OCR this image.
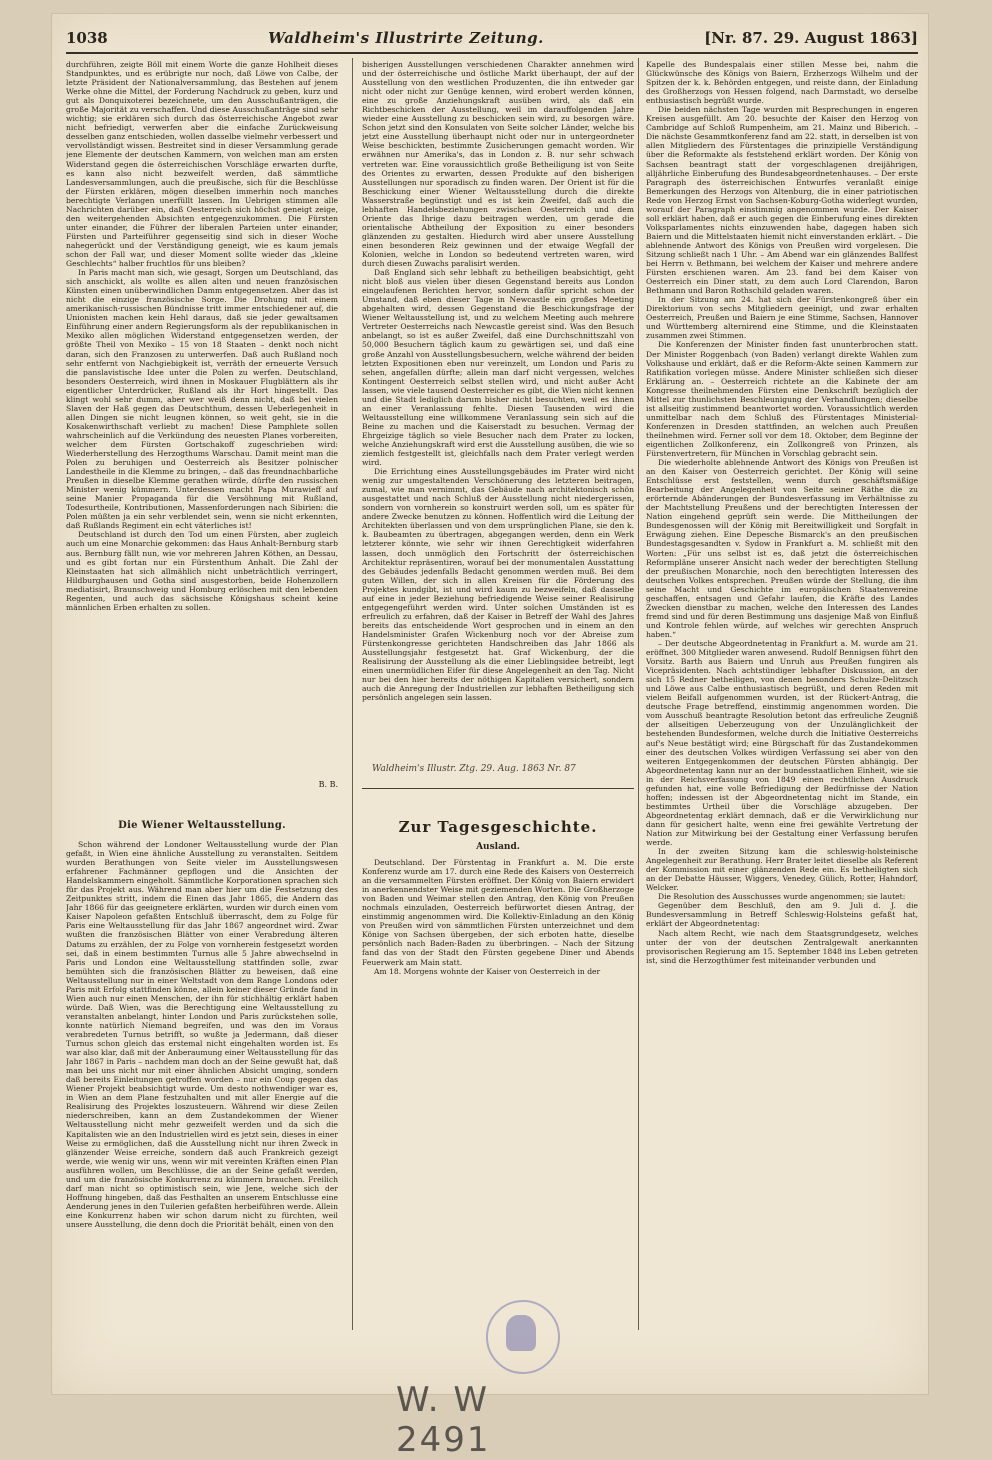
1038	Waldheim's Illustrirte Zeitung.	[Nr. 87. 29. August 1863]

durchführen, zeigte Böll mit einem Worte die ganze Hohlheit dieses Standpunktes, und es erübrigte nur noch, daß Löwe von Calbe, der letzte Präsident der Nationalversammlung, das Bestehen auf jenem Werke ohne die Mittel, der Forderung Nachdruck zu geben, kurz und gut als Donquixoterei bezeichnete, um den Ausschußanträgen, die große Majorität zu verschaffen. Und diese Ausschußanträge sind sehr wichtig; sie erklären sich durch das österreichische Angebot zwar nicht befriedigt, verwerfen aber die einfache Zurückweisung desselben ganz entschieden, wollen dasselbe vielmehr verbessert und vervollständigt wissen. Bestreitet sind in dieser Versammlung gerade jene Elemente der deutschen Kammern, von welchen man am ersten Widerstand gegen die österreichischen Vorschläge erwarten durfte, es kann also nicht bezweifelt werden, daß sämmtliche Landesversammlungen, auch die preußische, sich für die Beschlüsse der Fürsten erklären, mögen dieselben immerhin noch manches berechtigte Verlangen unerfüllt lassen. Im Uebrigen stimmen alle Nachrichten darüber ein, daß Oesterreich sich höchst geneigt zeige, den weitergehenden Absichten entgegenzukommen. Die Fürsten unter einander, die Führer der liberalen Parteien unter einander, Fürsten und Parteiführer gegenseitig sind sich in dieser Woche nahegerückt und der Verständigung geneigt, wie es kaum jemals schon der Fall war, und dieser Moment sollte wieder das „kleine Geschlechts“ halber fruchtlos für uns bleiben?

In Paris macht man sich, wie gesagt, Sorgen um Deutschland, das sich anschickt, als wollte es allen alten und neuen französischen Künsten einen unüberwindlichen Damm entgegensetzen. Aber das ist nicht die einzige französische Sorge. Die Drohung mit einem amerikanisch-russischen Bündnisse tritt immer entschiedener auf, die Unionisten machen kein Hehl daraus, daß sie jeder gewaltsamen Einführung einer andern Regierungsform als der republikanischen in Mexiko allen möglichen Widerstand entgegensetzen werden, der größte Theil von Mexiko – 15 von 18 Staaten – denkt noch nicht daran, sich den Franzosen zu unterwerfen. Daß auch Rußland noch sehr entfernt von Nachgiebigkeit ist, verräth der erneuerte Versuch die panslavistische Idee unter die Polen zu werfen. Deutschland, besonders Oesterreich, wird ihnen in Moskauer Flugblättern als ihr eigentlicher Unterdrücker, Rußland als ihr Hort hingestellt. Das klingt wohl sehr dumm, aber wer weiß denn nicht, daß bei vielen Slaven der Haß gegen das Deutschthum, dessen Ueberlegenheit in allen Dingen sie nicht leugnen können, so weit geht, sie in die Kosakenwirthschaft verliebt zu machen! Diese Pamphlete sollen wahrscheinlich auf die Verkündung des neuesten Planes vorbereiten, welcher dem Fürsten Gortschakoff zugeschrieben wird: Wiederherstellung des Herzogthums Warschau. Damit meint man die Polen zu beruhigen und Oesterreich als Besitzer polnischer Landestheile in die Klemme zu bringen, – daß das freundnachbarliche Preußen in dieselbe Klemme gerathen würde, dürfte den russischen Minister wenig kümmern. Unterdessen macht Papa Murawieff auf seine Manier Propaganda für die Versöhnung mit Rußland, Todesurtheile, Kontributionen, Massenforderungen nach Sibirien: die Polen müßten ja ein sehr verblendet sein, wenn sie nicht erkennten, daß Rußlands Regiment ein echt väterliches ist!

Deutschland ist durch den Tod um einen Fürsten, aber zugleich auch um eine Monarchie gekommen: das Haus Anhalt-Bernburg starb aus. Bernburg fällt nun, wie vor mehreren Jahren Köthen, an Dessau, und es gibt fortan nur ein Fürstenthum Anhalt. Die Zahl der Kleinstaaten hat sich allmählich nicht unbeträchtlich verringert, Hildburghausen und Gotha sind ausgestorben, beide Hohenzollern mediatisirt, Braunschweig und Homburg erlöschen mit den lebenden Regenten, und auch das sächsische Königshaus scheint keine männlichen Erben erhalten zu sollen.

B. B.
Die Wiener Weltausstellung.

Schon während der Londoner Weltausstellung wurde der Plan gefaßt, in Wien eine ähnliche Ausstellung zu veranstalten. Seitdem wurden Berathungen von Seite vieler im Ausstellungswesen erfahrener Fachmänner gepflogen und die Ansichten der Handelskammern eingeholt. Sämmtliche Korporationen sprachen sich für das Projekt aus. Während man aber hier um die Festsetzung des Zeitpunktes stritt, indem die Einen das Jahr 1865, die Andern das Jahr 1866 für das geeignetere erklärten, wurden wir durch einen vom Kaiser Napoleon gefaßten Entschluß überrascht, dem zu Folge für Paris eine Weltausstellung für das Jahr 1867 angeordnet wird. Zwar wußten die französischen Blätter von einer Verabredung älteren Datums zu erzählen, der zu Folge von vornherein festgesetzt worden sei, daß in einem bestimmten Turnus alle 5 Jahre abwechselnd in Paris und London eine Weltausstellung stattfinden solle, zwar bemühten sich die französischen Blätter zu beweisen, daß eine Weltausstellung nur in einer Weltstadt von dem Range Londons oder Paris mit Erfolg stattfinden könne, allein keiner dieser Gründe fand in Wien auch nur einen Menschen, der ihn für stichhältig erklärt haben würde. Daß Wien, was die Berechtigung eine Weltausstellung zu veranstalten anbelangt, hinter London und Paris zurückstehen solle, konnte natürlich Niemand begreifen, und was den im Voraus verabredeten Turnus betrifft, so wußte ja Jedermann, daß dieser Turnus schon gleich das erstemal nicht eingehalten worden ist. Es war also klar, daß mit der Anberaumung einer Weltausstellung für das Jahr 1867 in Paris – nachdem man doch an der Seine gewußt hat, daß man bei uns nicht nur mit einer ähnlichen Absicht umging, sondern daß bereits Einleitungen getroffen worden – nur ein Coup gegen das Wiener Projekt beabsichtigt wurde. Um desto nothwendiger war es, in Wien an dem Plane festzuhalten und mit aller Energie auf die Realisirung des Projektes loszusteuern. Während wir diese Zeilen niederschreiben, kann an dem Zustandekommen der Wiener Weltausstellung nicht mehr gezweifelt werden und da sich die Kapitalisten wie an den Industriellen wird es jetzt sein, dieses in einer Weise zu ermöglichen, daß die Ausstellung nicht nur ihren Zweck in glänzender Weise erreiche, sondern daß auch Frankreich gezeigt werde, wie wenig wir uns, wenn wir mit vereinten Kräften einen Plan ausführen wollen, um Beschlüsse, die an der Seine gefaßt werden, und um die französische Konkurrenz zu kümmern brauchen. Freilich darf man nicht so optimistisch sein, wie Jene, welche sich der Hoffnung hingeben, daß das Festhalten an unserem Entschlusse eine Aenderung jenes in den Tuilerien gefaßten herbeiführen werde. Allein eine Konkurrenz haben wir schon darum nicht zu fürchten, weil unsere Ausstellung, die denn doch die Priorität behält, einen von den

bisherigen Ausstellungen verschiedenen Charakter annehmen wird und der österreichische und östliche Markt überhaupt, der auf der Ausstellung von den westlichen Produzenten, die ihn entweder gar nicht oder nicht zur Genüge kennen, wird erobert werden können, eine zu große Anziehungskraft ausüben wird, als daß ein Richtbeschicken der Ausstellung, weil im darauffolgenden Jahre wieder eine Ausstellung zu beschicken sein wird, zu besorgen wäre. Schon jetzt sind den Konsulaten von Seite solcher Länder, welche bis jetzt eine Ausstellung überhaupt nicht oder nur in untergeordneter Weise beschickten, bestimmte Zusicherungen gemacht worden. Wir erwähnen nur Amerika's, das in London z. B. nur sehr schwach vertreten war. Eine voraussichtlich große Betheiligung ist von Seite des Orientes zu erwarten, dessen Produkte auf den bisherigen Ausstellungen nur sporadisch zu finden waren. Der Orient ist für die Beschickung einer Wiener Weltausstellung durch die direkte Wasserstraße begünstigt und es ist kein Zweifel, daß auch die lebhaften Handelsbeziehungen zwischen Oesterreich und dem Oriente das Ihrige dazu beitragen werden, um gerade die orientalische Abtheilung der Exposition zu einer besonders glänzenden zu gestalten. Hiedurch wird aber unsere Ausstellung einen besonderen Reiz gewinnen und der etwaige Wegfall der Kolonien, welche in London so bedeutend vertreten waren, wird durch diesen Zuwachs paralisirt werden.

Daß England sich sehr lebhaft zu betheiligen beabsichtigt, geht nicht bloß aus vielen über diesen Gegenstand bereits aus London eingelaufenen Berichten hervor, sondern dafür spricht schon der Umstand, daß eben dieser Tage in Newcastle ein großes Meeting abgehalten wird, dessen Gegenstand die Beschickungsfrage der Wiener Weltausstellung ist, und zu welchem Meeting auch mehrere Vertreter Oesterreichs nach Newcastle gereist sind. Was den Besuch anbelangt, so ist es außer Zweifel, daß eine Durchschnittszahl von 50,000 Besuchern täglich kaum zu gewärtigen sei, und daß eine große Anzahl von Ausstellungsbesuchern, welche während der beiden letzten Expositionen eben nur vereinzelt, um London und Paris zu sehen, angefallen dürfte; allein man darf nicht vergessen, welches Kontingent Oesterreich selbst stellen wird, und nicht außer Acht lassen, wie viele tausend Oesterreicher es gibt, die Wien nicht kennen und die Stadt lediglich darum bisher nicht besuchten, weil es ihnen an einer Veranlassung fehlte. Diesen Tausenden wird die Weltausstellung eine willkommene Veranlassung sein sich auf die Beine zu machen und die Kaiserstadt zu besuchen. Vermag der Ehrgeizige täglich so viele Besucher nach dem Prater zu locken, welche Anziehungskraft wird erst die Ausstellung ausüben, die wie so ziemlich festgestellt ist, gleichfalls nach dem Prater verlegt werden wird.

Die Errichtung eines Ausstellungsgebäudes im Prater wird nicht wenig zur umgestaltenden Verschönerung des letzteren beitragen, zumal, wie man vernimmt, das Gebäude nach architektonisch schön ausgestattet und nach Schluß der Ausstellung nicht niedergerissen, sondern von vornherein so konstruirt werden soll, um es später für andere Zwecke benutzen zu können. Hoffentlich wird die Leitung der Architekten überlassen und von dem ursprünglichen Plane, sie den k. k. Baubeamten zu übertragen, abgegangen werden, denn ein Werk letzterer könnte, wie sehr wir ihnen Gerechtigkeit widerfahren lassen, doch unmöglich den Fortschritt der österreichischen Architektur repräsentiren, worauf bei der monumentalen Ausstattung des Gebäudes jedenfalls Bedacht genommen werden muß. Bei dem guten Willen, der sich in allen Kreisen für die Förderung des Projektes kundgibt, ist und wird kaum zu bezweifeln, daß dasselbe auf eine in jeder Beziehung befriedigende Weise seiner Realisirung entgegengeführt werden wird. Unter solchen Umständen ist es erfreulich zu erfahren, daß der Kaiser in Betreff der Wahl des Jahres bereits das entscheidende Wort gesprochen und in einem an den Handelsminister Grafen Wickenburg noch vor der Abreise zum Fürstenkongresse gerichteten Handschreiben das Jahr 1866 als Ausstellungsjahr festgesetzt hat. Graf Wickenburg, der die Realisirung der Ausstellung als die einer Lieblingsidee betreibt, legt einen unermüdlichen Eifer für diese Angelegenheit an den Tag. Nicht nur bei den hier bereits der nöthigen Kapitalien versichert, sondern auch die Anregung der Industriellen zur lebhaften Betheiligung sich persönlich angelegen sein lassen.

Waldheim's Illustr. Ztg. 29. Aug. 1863 Nr. 87
Zur Tagesgeschichte.
Ausland.

Deutschland. Der Fürstentag in Frankfurt a. M. Die erste Konferenz wurde am 17. durch eine Rede des Kaisers von Oesterreich an die versammelten Fürsten eröffnet. Der König von Baiern erwidert in anerkennendster Weise mit geziemenden Worten. Die Großherzoge von Baden und Weimar stellen den Antrag, den König von Preußen nochmals einzuladen, Oesterreich befürwortet diesen Antrag, der einstimmig angenommen wird. Die Kollektiv-Einladung an den König von Preußen wird von sämmtlichen Fürsten unterzeichnet und dem Könige von Sachsen übergeben, der sich erboten hatte, dieselbe persönlich nach Baden-Baden zu überbringen. – Nach der Sitzung fand das von der Stadt den Fürsten gegebene Diner und Abends Feuerwerk am Main statt.

Am 18. Morgens wohnte der Kaiser von Oesterreich in der

Kapelle des Bundespalais einer stillen Messe bei, nahm die Glückwünsche des Königs von Baiern, Erzherzogs Wilhelm und der Spitzen der k. k. Behörden entgegen, und reiste dann, der Einladung des Großherzogs von Hessen folgend, nach Darmstadt, wo derselbe enthusiastisch begrüßt wurde.

Die beiden nächsten Tage wurden mit Besprechungen in engeren Kreisen ausgefüllt. Am 20. besuchte der Kaiser den Herzog von Cambridge auf Schloß Rumpenheim, am 21. Mainz und Biberich. – Die nächste Gesammtkonferenz fand am 22. statt, in derselben ist von allen Mitgliedern des Fürstentages die prinzipielle Verständigung über die Reformakte als feststehend erklärt worden. Der König von Sachsen beantragt statt der vorgeschlagenen dreijährigen, alljährliche Einberufung des Bundesabgeordnetenhauses. – Der erste Paragraph des österreichischen Entwurfes veranlaßt einige Bemerkungen des Herzogs von Altenburg, die in einer patriotischen Rede von Herzog Ernst von Sachsen-Koburg-Gotha widerlegt wurden, worauf der Paragraph einstimmig angenommen wurde. Der Kaiser soll erklärt haben, daß er auch gegen die Einberufung eines direkten Volksparlamentes nichts einzuwenden habe, dagegen haben sich Baiern und die Mittelstaaten hiemit nicht einverstanden erklärt. – Die ablehnende Antwort des Königs von Preußen wird vorgelesen. Die Sitzung schließt nach 1 Uhr. – Am Abend war ein glänzendes Ballfest bei Herrn v. Bethmann, bei welchem der Kaiser und mehrere andere Fürsten erschienen waren. Am 23. fand bei dem Kaiser von Oesterreich ein Diner statt, zu dem auch Lord Clarendon, Baron Bethmann und Baron Rothschild geladen waren.

In der Sitzung am 24. hat sich der Fürstenkongreß über ein Direktorium von sechs Mitgliedern geeinigt, und zwar erhalten Oesterreich, Preußen und Baiern je eine Stimme, Sachsen, Hannover und Württemberg alternirend eine Stimme, und die Kleinstaaten zusammen zwei Stimmen.

Die Konferenzen der Minister finden fast ununterbrochen statt. Der Minister Roggenbach (von Baden) verlangt direkte Wahlen zum Volkshause und erklärt, daß er die Reform-Akte seinen Kammern zur Ratifikation vorlegen müsse. Andere Minister schließen sich dieser Erklärung an. – Oesterreich richtete an die Kabinete der am Kongresse theilnehmenden Fürsten eine Denkschrift bezüglich der Mittel zur thunlichsten Beschleunigung der Verhandlungen; dieselbe ist allseitig zustimmend beantwortet worden. Voraussichtlich werden unmittelbar nach dem Schluß des Fürstentages Ministerial-Konferenzen in Dresden stattfinden, an welchen auch Preußen theilnehmen wird. Ferner soll vor dem 18. Oktober, dem Beginne der eigentlichen Zollkonferenz, ein Zollkongreß von Prinzen, als Fürstenvertretern, für München in Vorschlag gebracht sein.

Die wiederholte ablehnende Antwort des Königs von Preußen ist an den Kaiser von Oesterreich gerichtet. Der König will seine Entschlüsse erst feststellen, wenn durch geschäftsmäßige Bearbeitung der Angelegenheit von Seite seiner Räthe die zu erörternde Abänderungen der Bundesverfassung im Verhältnisse zu der Machtstellung Preußens und der berechtigten Interessen der Nation eingehend geprüft sein werde. Die Mittheilungen der Bundesgenossen will der König mit Bereitwilligkeit und Sorgfalt in Erwägung ziehen. Eine Depesche Bismarck's an den preußischen Bundestagsgesandten v. Sydow in Frankfurt a. M. schließt mit den Worten: „Für uns selbst ist es, daß jetzt die österreichischen Reformpläne unserer Ansicht nach weder der berechtigten Stellung der preußischen Monarchie, noch den berechtigten Interessen des deutschen Volkes entsprechen. Preußen würde der Stellung, die ihm seine Macht und Geschichte im europäischen Staatenvereine geschaffen, entsagen und Gefahr laufen, die Kräfte des Landes Zwecken dienstbar zu machen, welche den Interessen des Landes fremd sind und für deren Bestimmung uns dasjenige Maß von Einfluß und Kontrole fehlen würde, auf welches wir gerechten Anspruch haben.“

– Der deutsche Abgeordnetentag in Frankfurt a. M. wurde am 21. eröffnet. 300 Mitglieder waren anwesend. Rudolf Bennigsen führt den Vorsitz. Barth aus Baiern und Unruh aus Preußen fungiren als Vicepräsidenten. Nach achtstündiger lebhafter Diskussion, an der sich 15 Redner betheiligen, von denen besonders Schulze-Delitzsch und Löwe aus Calbe enthusiastisch begrüßt, und deren Reden mit vielem Beifall aufgenommen wurden, ist der Rückert-Antrag, die deutsche Frage betreffend, einstimmig angenommen worden. Die vom Ausschuß beantragte Resolution betont das erfreuliche Zeugniß der allseitigen Ueberzeugung von der Unzulänglichkeit der bestehenden Bundesformen, welche durch die Initiative Oesterreichs auf's Neue bestätigt wird; eine Bürgschaft für das Zustandekommen einer des deutschen Volkes würdigen Verfassung sei aber von den weiteren Entgegenkommen der deutschen Fürsten abhängig. Der Abgeordnetentag kann nur an der bundesstaatlichen Einheit, wie sie in der Reichsverfassung von 1849 einen rechtlichen Ausdruck gefunden hat, eine volle Befriedigung der Bedürfnisse der Nation hoffen; indessen ist der Abgeordnetentag nicht im Stande, ein bestimmtes Urtheil über die Vorschläge abzugeben. Der Abgeordnetentag erklärt demnach, daß er die Verwirklichung nur dann für gesichert halte, wenn eine frei gewählte Vertretung der Nation zur Mitwirkung bei der Gestaltung einer Verfassung berufen werde.

In der zweiten Sitzung kam die schleswig-holsteinische Angelegenheit zur Berathung. Herr Brater leitet dieselbe als Referent der Kommission mit einer glänzenden Rede ein. Es betheiligten sich an der Debatte Häusser, Wiggers, Venedey, Gülich, Rotter, Hahndorf, Welcker.

Die Resolution des Ausschusses wurde angenommen; sie lautet:

Gegenüber dem Beschluß, den am 9. Juli d. J. die Bundesversammlung in Betreff Schleswig-Holsteins gefaßt hat, erklärt der Abgeordnetentag:

Nach altem Recht, wie nach dem Staatsgrundgesetz, welches unter der von der deutschen Zentralgewalt anerkannten provisorischen Regierung am 15. September 1848 ins Leben getreten ist, sind die Herzogthümer fest miteinander verbunden und

W. W 2491
